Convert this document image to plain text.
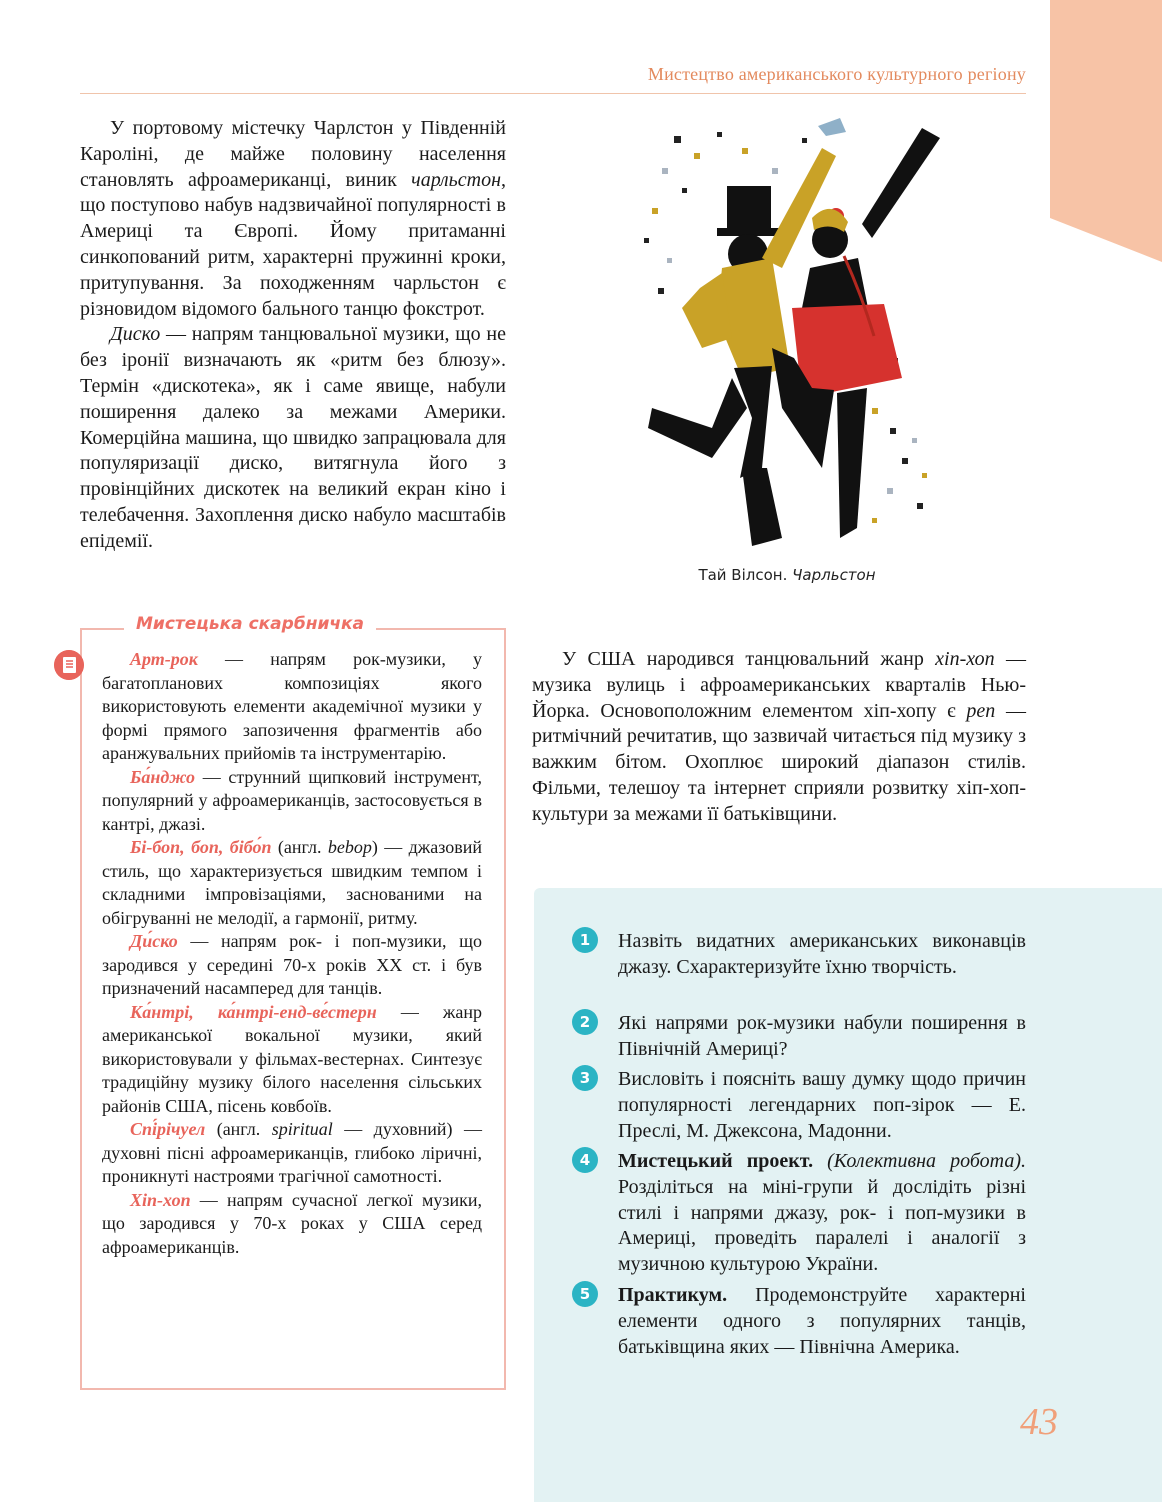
Мистецтво американського культурного регіону

У портовому містечку Чарлстон у Південній Кароліні, де майже половину населення становлять афроамериканці, виник чарльстон, що поступово набув надзвичайної популярності в Америці та Європі. Йому притаманні синкопований ритм, характерні пружинні кроки, притупування. За походженням чарльстон є різновидом відомого бального танцю фокстрот.

Диско — напрям танцювальної музики, що не без іронії визначають як «ритм без блюзу». Термін «дискотека», як і саме явище, набули поширення далеко за межами Америки. Комерційна машина, що швидко запрацювала для популяризації диско, витягнула його з провінційних дискотек на великий екран кіно і телебачення. Захоплення диско набуло масштабів епідемії.

Тай Вілсон. Чарльстон
Мистецька скарбничка

Арт-рок — напрям рок-музики, у багатопланових композиціях якого використовують елементи академічної музики у формі прямого запозичення фрагментів або аранжувальних прийомів та інструментарію.

Ба́нджо — струнний щипковий інструмент, популярний у афроамериканців, застосовується в кантрі, джазі.

Бі-боп, боп, бібо́п (англ. bebop) — джазовий стиль, що характеризується швидким темпом і складними імпровізаціями, заснованими на обігруванні не мелодії, а гармонії, ритму.

Ди́ско — напрям рок- і поп-музики, що зародився у середині 70-х років XX ст. і був призначений насамперед для танців.

Ка́нтрі, ка́нтрі-енд-ве́стерн — жанр американської вокальної музики, який використовували у фільмах-вестернах. Синтезує традиційну музику білого населення сільських районів США, пісень ковбоїв.

Спі́річуел (англ. spiritual — духовний) — духовні пісні афроамериканців, глибоко ліричні, проникнуті настроями трагічної самотності.

Хіп-хоп — напрям сучасної легкої музики, що зародився у 70-х роках у США серед афроамериканців.

У США народився танцювальний жанр хіп-хоп — музика вулиць і афроамериканських кварталів Нью-Йорка. Основоположним елементом хіп-хопу є реп — ритмічний речитатив, що зазвичай читається під музику з важким бітом. Охоплює широкий діапазон стилів. Фільми, телешоу та інтернет сприяли розвитку хіп-хоп-культури за межами її батьківщини.

1	Назвіть видатних американських виконавців джазу. Схарактеризуйте їхню творчість.

2	Які напрями рок-музики набули поширення в Північній Америці?

3	Висловіть і поясніть вашу думку щодо причин популярності легендарних поп-зірок — Е. Преслі, М. Джексона, Мадонни.

4	Мистецький проект. (Колективна робота). Розділіться на міні-групи й дослідіть різні стилі і напрями джазу, рок- і поп-музики в Америці, проведіть паралелі і аналогії з музичною культурою України.

5	Практикум. Продемонструйте характерні елементи одного з популярних танців, батьківщина яких — Північна Америка.

43
